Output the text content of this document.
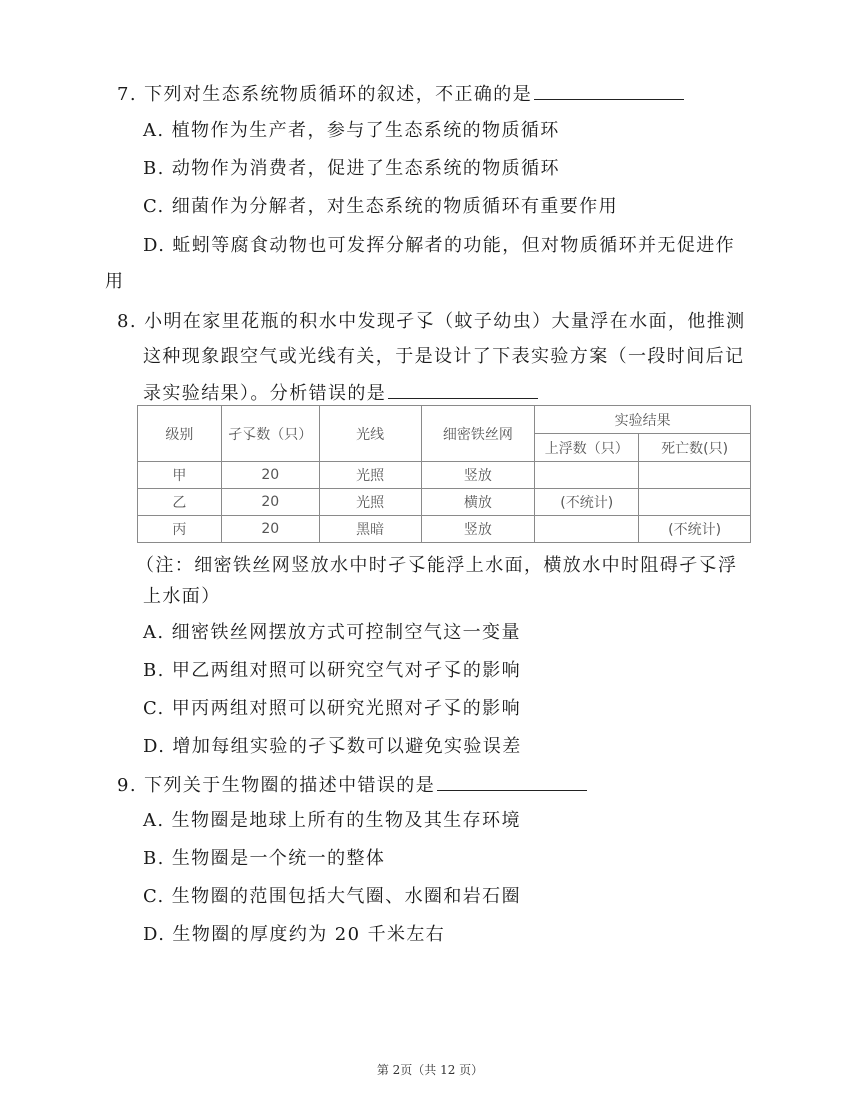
7. 下列对生态系统物质循环的叙述，不正确的是
A. 植物作为生产者，参与了生态系统的物质循环
B. 动物作为消费者，促进了生态系统的物质循环
C. 细菌作为分解者，对生态系统的物质循环有重要作用
D. 蚯蚓等腐食动物也可发挥分解者的功能，但对物质循环并无促进作
用
8. 小明在家里花瓶的积水中发现孑孓（蚊子幼虫）大量浮在水面，他推测
这种现象跟空气或光线有关，于是设计了下表实验方案（一段时间后记
录实验结果）。分析错误的是
级别	孑孓数（只）	光线	细密铁丝网	实验结果	
				上浮数（只）	死亡数(只)
甲	20	光照	竖放		
乙	20	光照	横放	(不统计)	
丙	20	黑暗	竖放		(不统计)
（注：细密铁丝网竖放水中时孑孓能浮上水面，横放水中时阻碍孑孓浮
上水面）
A. 细密铁丝网摆放方式可控制空气这一变量
B. 甲乙两组对照可以研究空气对孑孓的影响
C. 甲丙两组对照可以研究光照对孑孓的影响
D. 增加每组实验的孑孓数可以避免实验误差
9. 下列关于生物圈的描述中错误的是
A. 生物圈是地球上所有的生物及其生存环境
B. 生物圈是一个统一的整体
C. 生物圈的范围包括大气圈、水圈和岩石圈
D. 生物圈的厚度约为 20 千米左右
第 2页（共 12 页）
